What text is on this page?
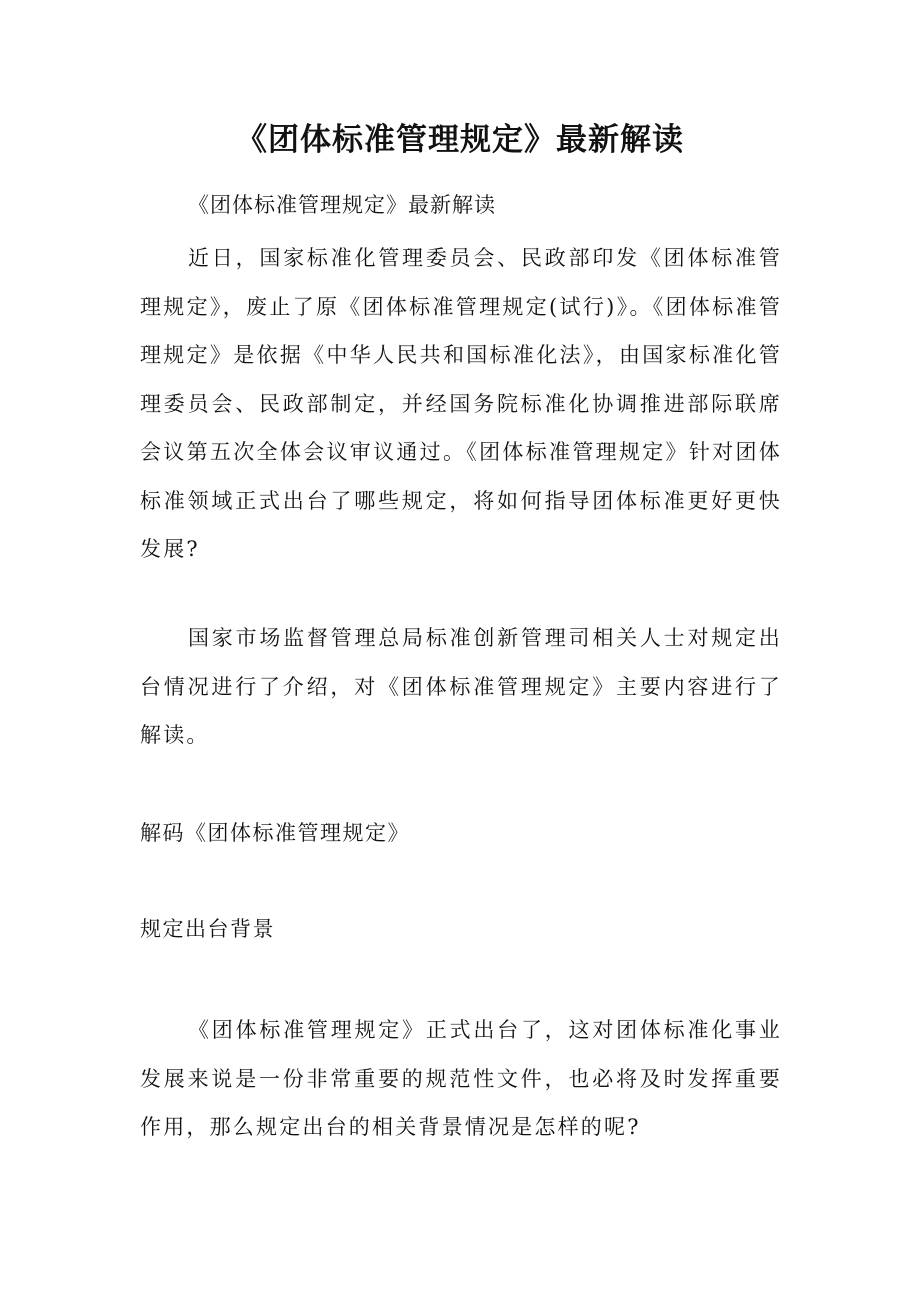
《团体标准管理规定》最新解读
《团体标准管理规定》最新解读

近日，国家标准化管理委员会、民政部印发《团体标准管理规定》，废止了原《团体标准管理规定(试行)》。《团体标准管理规定》是依据《中华人民共和国标准化法》，由国家标准化管理委员会、民政部制定，并经国务院标准化协调推进部际联席会议第五次全体会议审议通过。《团体标准管理规定》针对团体标准领域正式出台了哪些规定，将如何指导团体标准更好更快发展?

国家市场监督管理总局标准创新管理司相关人士对规定出台情况进行了介绍，对《团体标准管理规定》主要内容进行了解读。

解码《团体标准管理规定》
规定出台背景

《团体标准管理规定》正式出台了，这对团体标准化事业发展来说是一份非常重要的规范性文件，也必将及时发挥重要作用，那么规定出台的相关背景情况是怎样的呢?
